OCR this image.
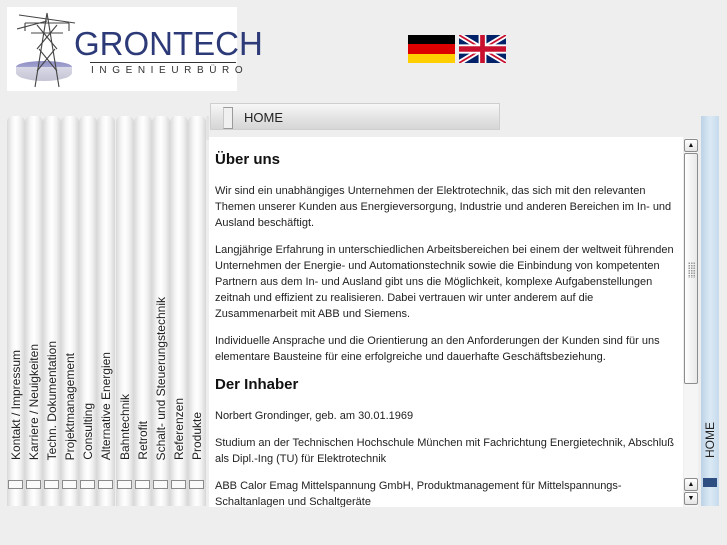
GRONTECH
INGENIEURBÜRO
HOME
Kontakt / Impressum Karriere / Neuigkeiten Techn. Dokumentation Projektmanagement Consulting Alternative Energien Bahntechnik Retrofit Schalt- und Steuerungstechnik Referenzen Produkte
Über uns

Wir sind ein unabhängiges Unternehmen der Elektrotechnik, das sich mit den relevanten Themen unserer Kunden aus Energieversorgung, Industrie und anderen Bereichen im In- und Ausland beschäftigt.

Langjährige Erfahrung in unterschiedlichen Arbeitsbereichen bei einem der weltweit führenden Unternehmen der Energie- und Automationstechnik sowie die Einbindung von kompetenten Partnern aus dem In- und Ausland gibt uns die Möglichkeit, komplexe Aufgabenstellungen zeitnah und effizient zu realisieren. Dabei vertrauen wir unter anderem auf die Zusammenarbeit mit ABB und Siemens.

Individuelle Ansprache und die Orientierung an den Anforderungen der Kunden sind für uns elementare Bausteine für eine erfolgreiche und dauerhafte Geschäftsbeziehung.

Der Inhaber

Norbert Grondinger, geb. am 30.01.1969

Studium an der Technischen Hochschule München mit Fachrichtung Energietechnik, Abschluß als Dipl.-Ing (TU) für Elektrotechnik

ABB Calor Emag Mittelspannung GmbH, Produktmanagement für Mittelspannungs-Schaltanlagen und Schaltgeräte

▲
▲
▼
HOME
